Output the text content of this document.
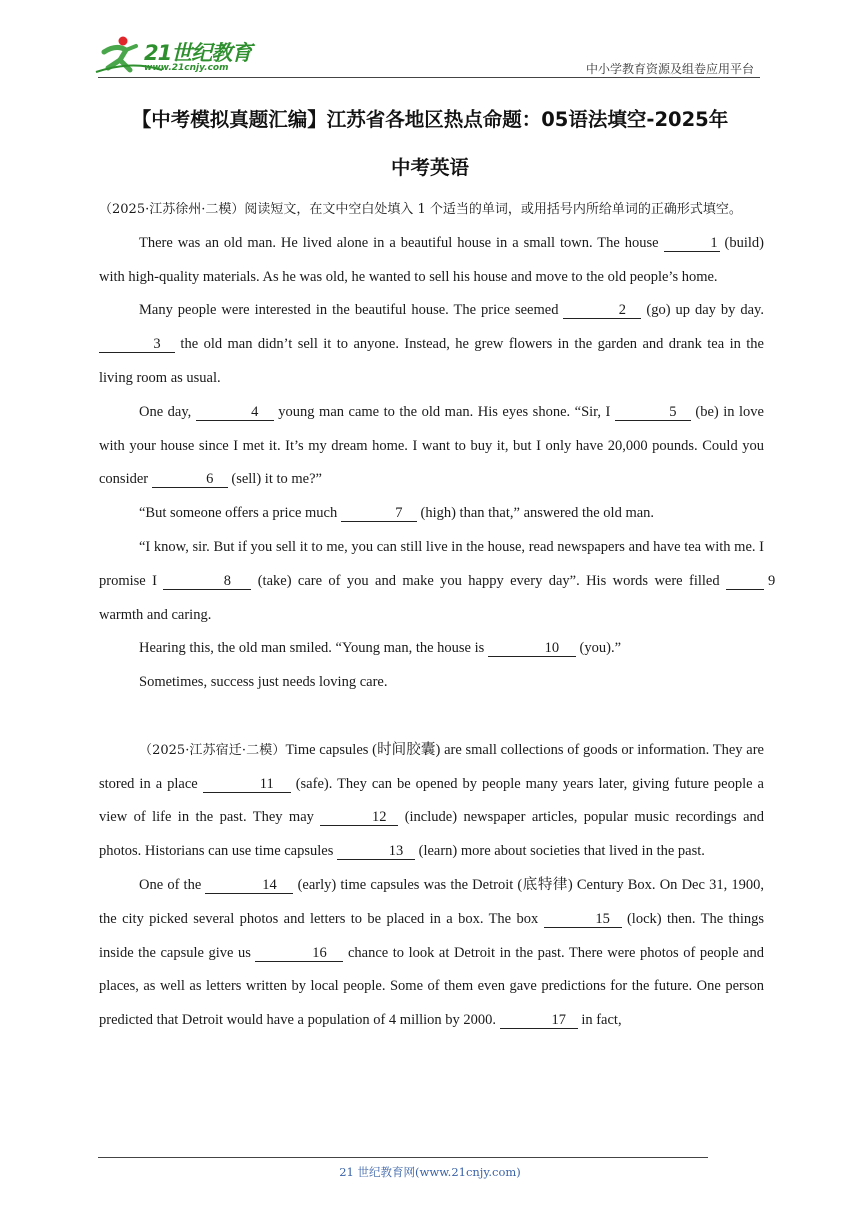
21世纪教育
www.21cnjy.com	中小学教育资源及组卷应用平台
【中考模拟真题汇编】江苏省各地区热点命题：05语法填空-2025年
中考英语

（2025·江苏徐州·二模）阅读短文，在文中空白处填入 1 个适当的单词，或用括号内所给单词的正确形式填空。

There was an old man. He lived alone in a beautiful house in a small town. The house	1 (build) with high-quality materials. As he was old, he wanted to sell his house and move to the old people’s home.

Many people were interested in the beautiful house. The price seemed	2 (go) up day by day. 3 the old man didn’t sell it to anyone. Instead, he grew flowers in the garden and drank tea in the living room as usual.

One day,	4 young man came to the old man. His eyes shone. “Sir, I	5 (be) in love with your house since I met it. It’s my dream home. I want to buy it, but I only have 20,000 pounds. Could you consider	6 (sell) it to me?”

“But someone offers a price much	7 (high) than that,” answered the old man.

“I know, sir. But if you sell it to me, you can still live in the house, read newspapers and have tea with me. I promise I	8 (take) care of you and make you happy every day”. His words were filled	9 warmth and caring.

Hearing this, the old man smiled. “Young man, the house is	10 (you).”

Sometimes, success just needs loving care.

（2025·江苏宿迁·二模）Time capsules (时间胶囊) are small collections of goods or information. They are stored in a place	11 (safe). They can be opened by people many years later, giving future people a view of life in the past. They may	12 (include) newspaper articles, popular music recordings and photos. Historians can use time capsules	13 (learn) more about societies that lived in the past.

One of the	14 (early) time capsules was the Detroit (底特律) Century Box. On Dec 31, 1900, the city picked several photos and letters to be placed in a box. The box	15 (lock) then. The things inside the capsule give us	16 chance to look at Detroit in the past. There were photos of people and places, as well as letters written by local people. Some of them even gave predictions for the future. One person predicted that Detroit would have a population of 4 million by 2000.	17 in fact,

21 世纪教育网(www.21cnjy.com)
